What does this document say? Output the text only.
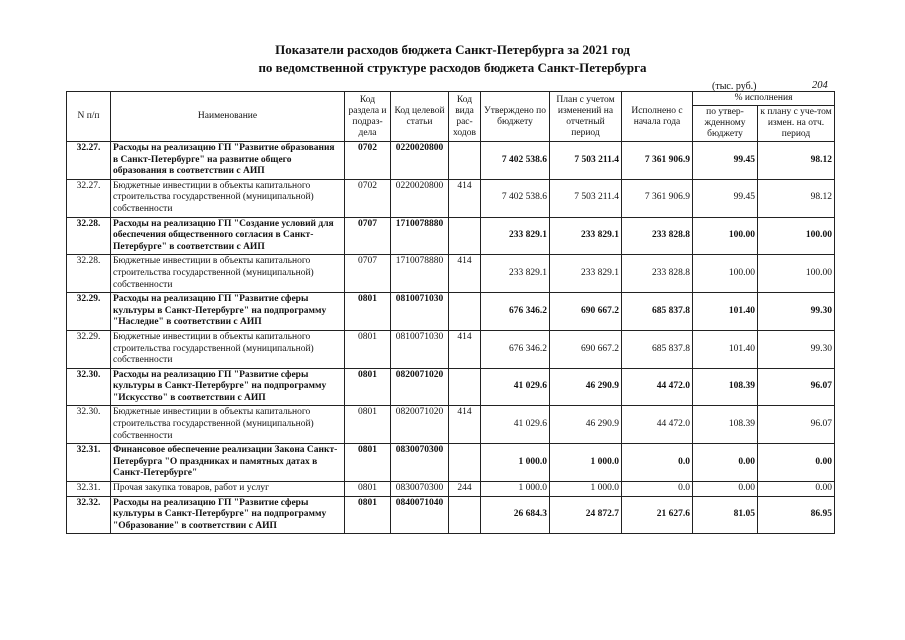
Показатели расходов бюджета Санкт-Петербурга за 2021 год
по ведомственной структуре расходов бюджета Санкт-Петербурга
(тыс. руб.)	204
N п/п	Наименование	Код раздела и подраз-дела	Код целевой статьи	Код вида рас-ходов	Утверждено по бюджету	План с учетом изменений на отчетный период	Исполнено с начала года	% исполнения	
								по утвер-жденному бюджету	к плану с уче-том измен. на отч. период
32.27.	Расходы на реализацию ГП "Развитие образования в Санкт-Петербурге" на развитие общего образования в соответствии с АИП	0702	0220020800		7 402 538.6	7 503 211.4	7 361 906.9	99.45	98.12
32.27.	Бюджетные инвестиции в объекты капитального строительства государственной (муниципальной) собственности	0702	0220020800	414	7 402 538.6	7 503 211.4	7 361 906.9	99.45	98.12
32.28.	Расходы на реализацию ГП "Создание условий для обеспечения общественного согласия в Санкт-Петербурге" в соответствии с АИП	0707	1710078880		233 829.1	233 829.1	233 828.8	100.00	100.00
32.28.	Бюджетные инвестиции в объекты капитального строительства государственной (муниципальной) собственности	0707	1710078880	414	233 829.1	233 829.1	233 828.8	100.00	100.00
32.29.	Расходы на реализацию ГП "Развитие сферы культуры в Санкт-Петербурге" на подпрограмму "Наследие" в соответствии с АИП	0801	0810071030		676 346.2	690 667.2	685 837.8	101.40	99.30
32.29.	Бюджетные инвестиции в объекты капитального строительства государственной (муниципальной) собственности	0801	0810071030	414	676 346.2	690 667.2	685 837.8	101.40	99.30
32.30.	Расходы на реализацию ГП "Развитие сферы культуры в Санкт-Петербурге" на подпрограмму "Искусство" в соответствии с АИП	0801	0820071020		41 029.6	46 290.9	44 472.0	108.39	96.07
32.30.	Бюджетные инвестиции в объекты капитального строительства государственной (муниципальной) собственности	0801	0820071020	414	41 029.6	46 290.9	44 472.0	108.39	96.07
32.31.	Финансовое обеспечение реализации Закона Санкт-Петербурга "О праздниках и памятных датах в Санкт-Петербурге"	0801	0830070300		1 000.0	1 000.0	0.0	0.00	0.00
32.31.	Прочая закупка товаров, работ и услуг	0801	0830070300	244	1 000.0	1 000.0	0.0	0.00	0.00
32.32.	Расходы на реализацию ГП "Развитие сферы культуры в Санкт-Петербурге" на подпрограмму "Образование" в соответствии с АИП	0801	0840071040		26 684.3	24 872.7	21 627.6	81.05	86.95
